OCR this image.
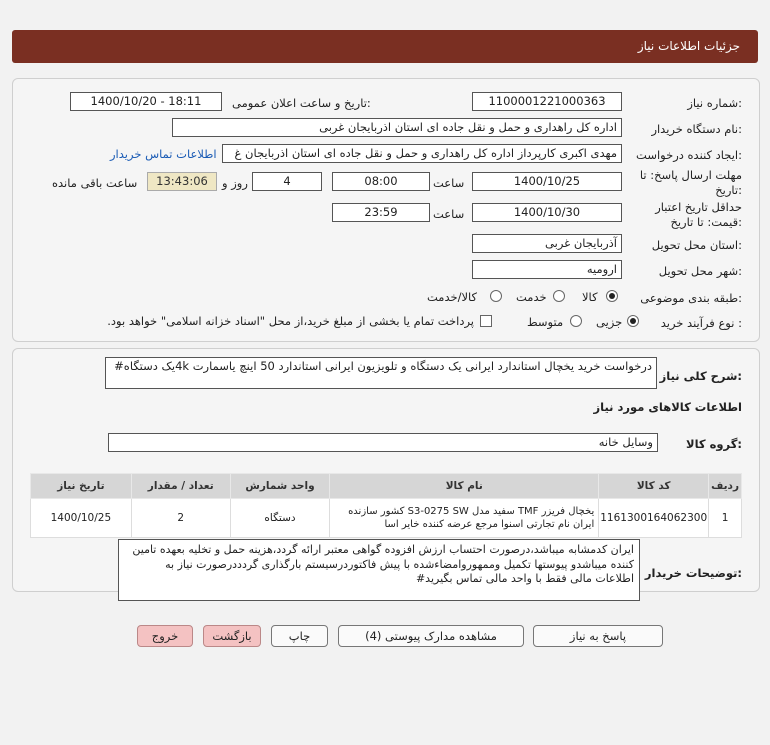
جزئیات اطلاعات نیاز
شماره نیاز:
1100001221000363
تاریخ و ساعت اعلان عمومی:
1400/10/20 - 18:11
نام دستگاه خریدار:
اداره کل راهداری و حمل و نقل جاده ای استان اذربایجان غربی
ایجاد کننده درخواست:
مهدی اکبری کارپرداز اداره کل راهداری و حمل و نقل جاده ای استان اذربایجان غ
اطلاعات تماس خریدار
مهلت ارسال پاسخ: تا تاریخ:
1400/10/25
ساعت
08:00
4
روز و
13:43:06
ساعت باقی مانده
حداقل تاریخ اعتبار قیمت: تا تاریخ:
1400/10/30
ساعت
23:59
استان محل تحویل:
آذربایجان غربی
شهر محل تحویل:
ارومیه
طبقه بندی موضوعی:
کالا
خدمت
کالا/خدمت
نوع فرآیند خرید :
جزیی
متوسط
پرداخت تمام یا بخشی از مبلغ خرید،از محل "اسناد خزانه اسلامی" خواهد بود.
شرح کلی نیاز:
درخواست خرید یخچال استاندارد ایرانی یک دستگاه و تلویزیون ایرانی استاندارد 50 اینچ یاسمارت 4kیک دستگاه#
اطلاعات کالاهای مورد نیاز
گروه کالا:
وسایل خانه
ردیف	کد کالا	نام کالا	واحد شمارش	تعداد / مقدار	تاریخ نیاز
1	1161300164062300	یخچال فریزر TMF سفید مدل S3-0275 SW کشور سازنده ایران نام تجارتی اسنوا مرجع عرضه کننده خایر اسا	دستگاه	2	1400/10/25
توضیحات خریدار:
ایران کدمشابه میباشد،درصورت احتساب ارزش افزوده گواهی معتبر ارائه گردد،هزینه حمل و تخلیه بعهده تامین کننده میباشدو پیوستها تکمیل وممهوروامضاءشده با پیش فاکتوردرسیستم بارگذاری گردددرصورت نیاز به اطلاعات مالی فقط با واحد مالی تماس بگیرید#
پاسخ به نیاز
مشاهده مدارک پیوستی (4)
چاپ
بازگشت
خروج
